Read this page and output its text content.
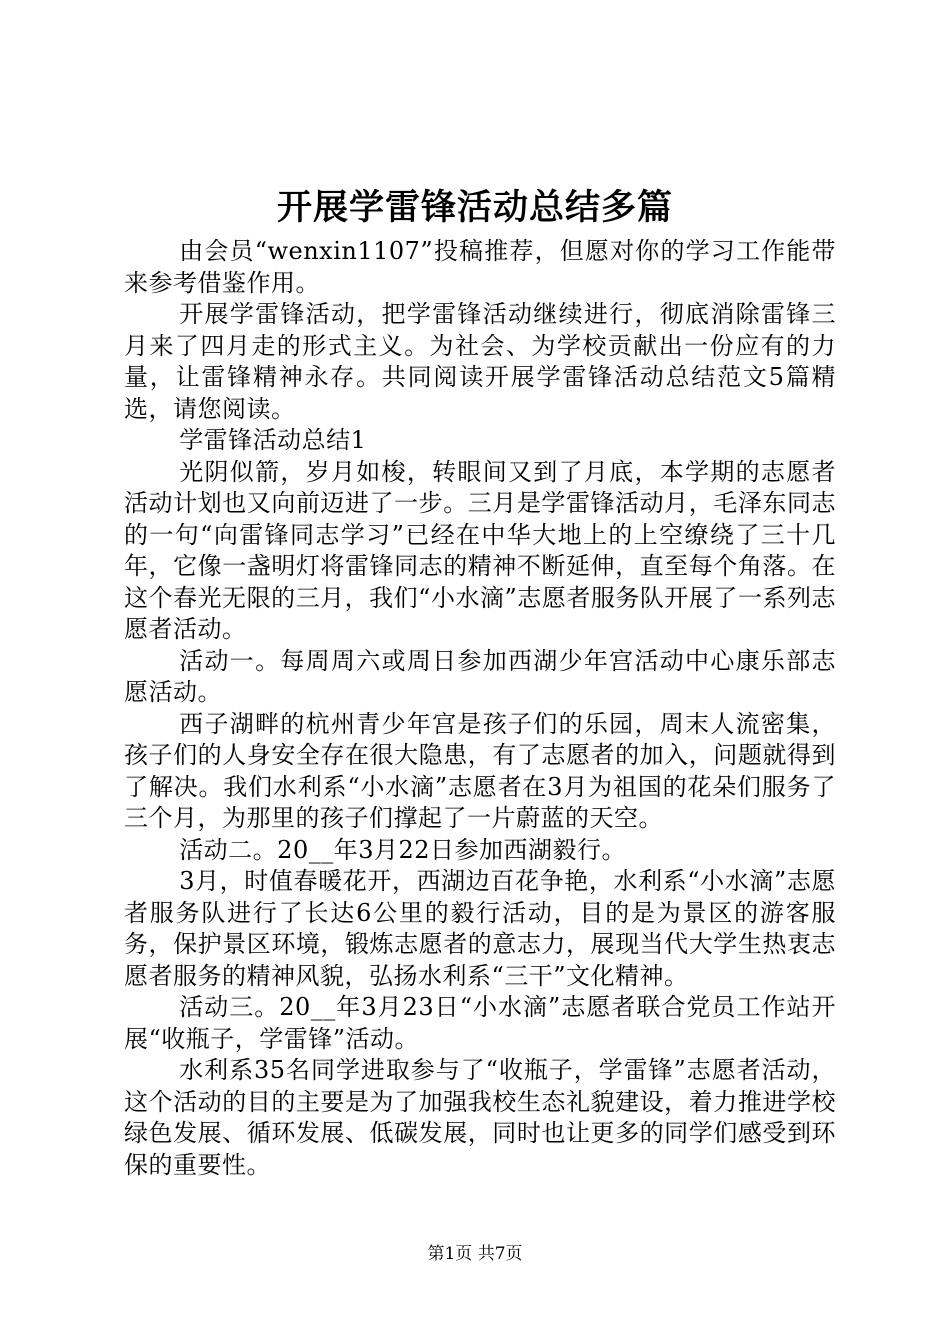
开展学雷锋活动总结多篇

由会员“wenxin1107”投稿推荐，但愿对你的学习工作能带来参考借鉴作用。

开展学雷锋活动，把学雷锋活动继续进行，彻底消除雷锋三月来了四月走的形式主义。为社会、为学校贡献出一份应有的力量，让雷锋精神永存。共同阅读开展学雷锋活动总结范文5篇精选，请您阅读。

学雷锋活动总结1

光阴似箭，岁月如梭，转眼间又到了月底，本学期的志愿者活动计划也又向前迈进了一步。三月是学雷锋活动月，毛泽东同志的一句“向雷锋同志学习”已经在中华大地上的上空缭绕了三十几年，它像一盏明灯将雷锋同志的精神不断延伸，直至每个角落。在这个春光无限的三月，我们“小水滴”志愿者服务队开展了一系列志愿者活动。

活动一。每周周六或周日参加西湖少年宫活动中心康乐部志愿活动。

西子湖畔的杭州青少年宫是孩子们的乐园，周末人流密集，孩子们的人身安全存在很大隐患，有了志愿者的加入，问题就得到了解决。我们水利系“小水滴”志愿者在3月为祖国的花朵们服务了三个月，为那里的孩子们撑起了一片蔚蓝的天空。

活动二。20__年3月22日参加西湖毅行。

3月，时值春暖花开，西湖边百花争艳，水利系“小水滴”志愿者服务队进行了长达6公里的毅行活动，目的是为景区的游客服务，保护景区环境，锻炼志愿者的意志力，展现当代大学生热衷志愿者服务的精神风貌，弘扬水利系“三干”文化精神。

活动三。20__年3月23日“小水滴”志愿者联合党员工作站开展“收瓶子，学雷锋”活动。

水利系35名同学进取参与了“收瓶子，学雷锋”志愿者活动，这个活动的目的主要是为了加强我校生态礼貌建设，着力推进学校绿色发展、循环发展、低碳发展，同时也让更多的同学们感受到环保的重要性。

第1页 共7页
